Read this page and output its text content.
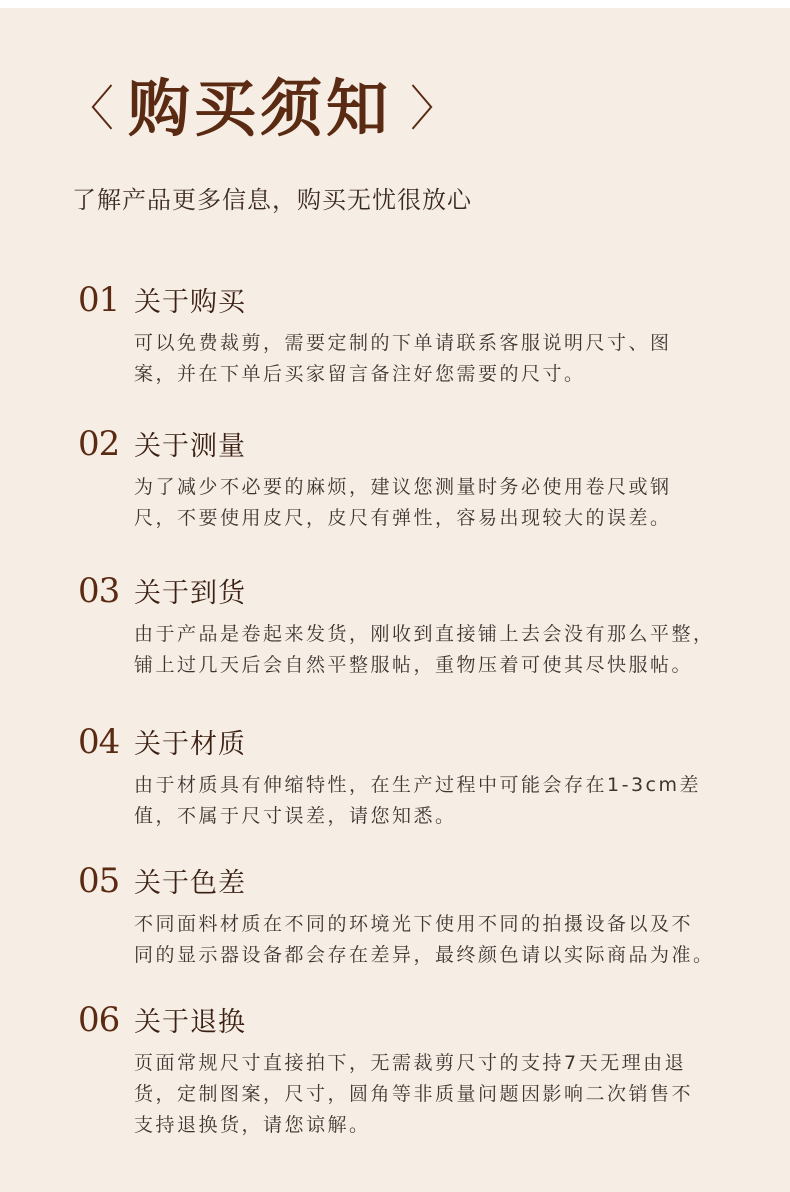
〈 购买须知 〉
了解产品更多信息，购买无忧很放心
01 关于购买
可以免费裁剪，需要定制的下单请联系客服说明尺寸、图
案，并在下单后买家留言备注好您需要的尺寸。
02 关于测量
为了减少不必要的麻烦，建议您测量时务必使用卷尺或钢
尺，不要使用皮尺，皮尺有弹性，容易出现较大的误差。
03 关于到货
由于产品是卷起来发货，刚收到直接铺上去会没有那么平整，
铺上过几天后会自然平整服帖，重物压着可使其尽快服帖。
04 关于材质
由于材质具有伸缩特性，在生产过程中可能会存在1-3cm差
值，不属于尺寸误差，请您知悉。
05 关于色差
不同面料材质在不同的环境光下使用不同的拍摄设备以及不
同的显示器设备都会存在差异，最终颜色请以实际商品为准。
06 关于退换
页面常规尺寸直接拍下，无需裁剪尺寸的支持7天无理由退
货，定制图案，尺寸，圆角等非质量问题因影响二次销售不
支持退换货，请您谅解。
